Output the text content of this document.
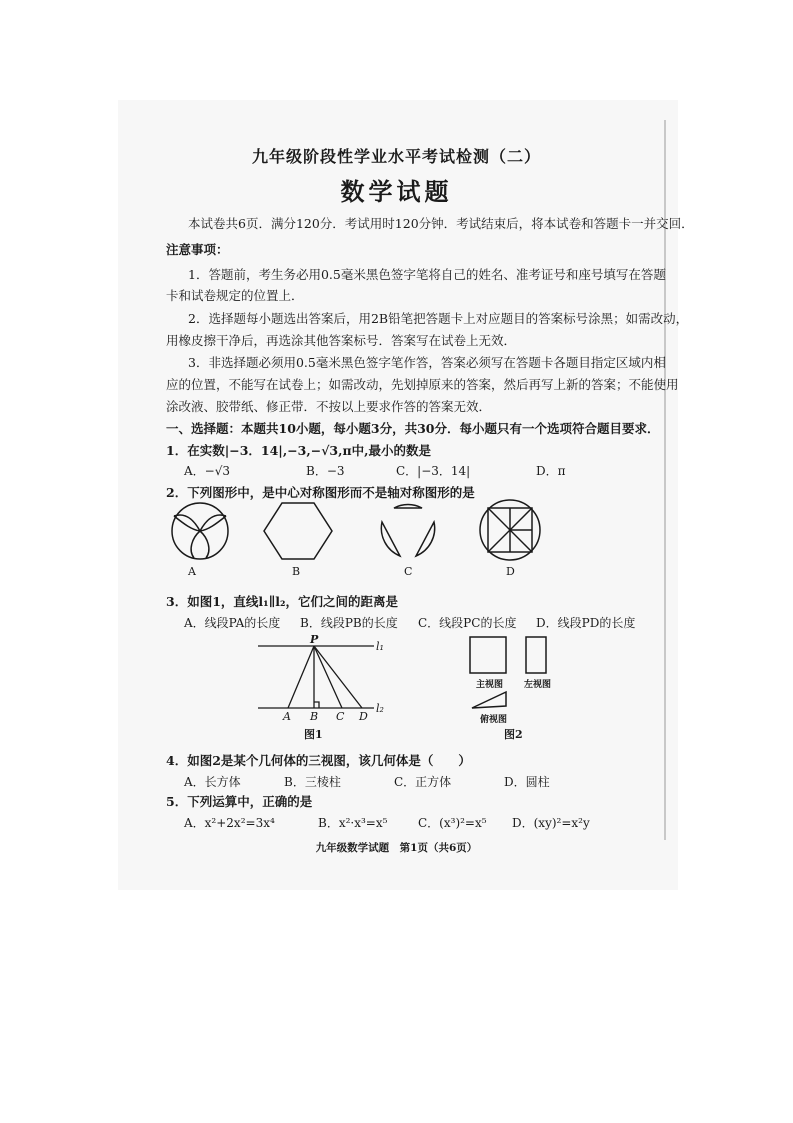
九年级阶段性学业水平考试检测（二）
数学试题
本试卷共6页．满分120分．考试用时120分钟．考试结束后，将本试卷和答题卡一并交回．
注意事项：
1．答题前，考生务必用0.5毫米黑色签字笔将自己的姓名、准考证号和座号填写在答题
卡和试卷规定的位置上．
2．选择题每小题选出答案后，用2B铅笔把答题卡上对应题目的答案标号涂黑；如需改动，
用橡皮擦干净后，再选涂其他答案标号．答案写在试卷上无效．
3．非选择题必须用0.5毫米黑色签字笔作答，答案必须写在答题卡各题目指定区域内相
应的位置，不能写在试卷上；如需改动，先划掉原来的答案，然后再写上新的答案；不能使用
涂改液、胶带纸、修正带．不按以上要求作答的答案无效．
一、选择题：本题共10小题，每小题3分，共30分．每小题只有一个选项符合题目要求．
1．在实数|−3．14|,−3,−√3,π中,最小的数是
A．−√3	B．−3	C．|−3．14|	D．π
2．下列图形中，是中心对称图形而不是轴对称图形的是
A	B	C	D
3．如图1，直线l₁∥l₂，它们之间的距离是
A．线段PA的长度 B．线段PB的长度 C．线段PC的长度 D．线段PD的长度
P
l₁
l₂
A B C D
图1
主视图 左视图
俯视图
图2
4．如图2是某个几何体的三视图，该几何体是（　　）
A．长方体	B．三棱柱	C．正方体	D．圆柱
5．下列运算中，正确的是
A．x²+2x²=3x⁴	B．x²·x³=x⁵	C．(x³)²=x⁵ D．(xy)²=x²y
九年级数学试题　第1页（共6页）
